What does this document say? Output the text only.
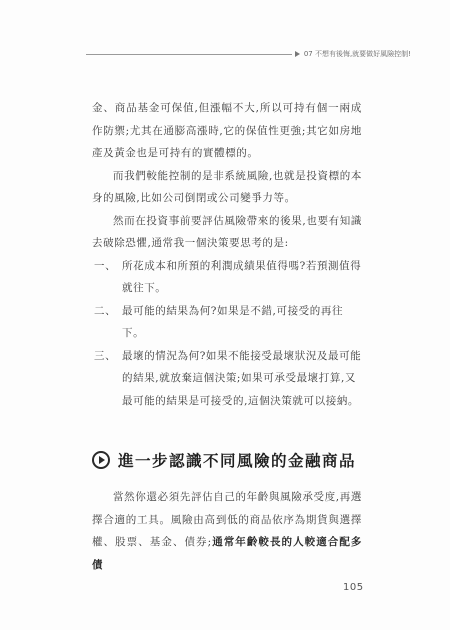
07 不想有後悔,就要做好風險控制!

金、商品基金可保值,但漲幅不大,所以可持有個一兩成作防禦;尤其在通膨高漲時,它的保值性更強;其它如房地產及黃金也是可持有的實體標的。

而我們較能控制的是非系統風險,也就是投資標的本身的風險,比如公司倒閉或公司變爭力等。

然而在投資事前要評估風險帶來的後果,也要有知識去破除恐懼,通常我一個決策要思考的是:

一、 所花成本和所預的利潤成績果值得嗎?若預測值得就往下。
二、 最可能的結果為何?如果是不錯,可接受的再往下。
三、 最壞的情況為何?如果不能接受最壞狀況及最可能的結果,就放棄這個決策;如果可承受最壞打算,又最可能的結果是可接受的,這個決策就可以接納。
進一步認識不同風險的金融商品

當然你還必須先評估自己的年齡與風險承受度,再選擇合適的工具。風險由高到低的商品依序為期貨與選擇權、股票、基金、債券;通常年齡較長的人較適合配多債

105
